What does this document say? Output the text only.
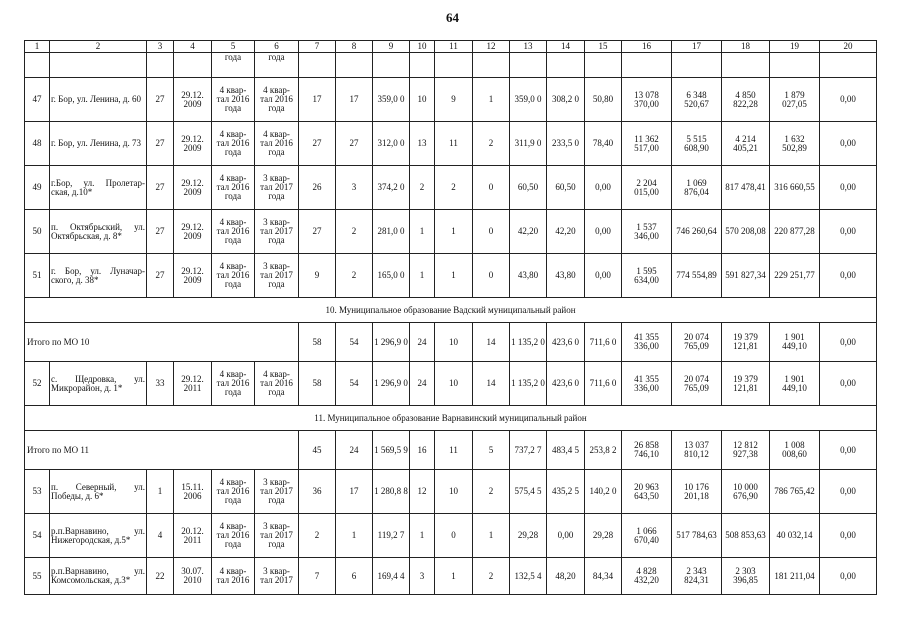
64
1	2	3	4	5	6	7	8	9	10	11	12	13	14	15	16	17	18	19	20
				года	года														
47	г. Бор, ул. Ленина, д. 60	27	29.12. 2009	4 квар- тал 2016 года	4 квар- тал 2016 года	17	17	359,0 0	10	9	1	359,0 0	308,2 0	50,80	13 078 370,00	6 348 520,67	4 850 822,28	1 879 027,05	0,00
48	г. Бор, ул. Ленина, д. 73	27	29.12. 2009	4 квар- тал 2016 года	4 квар- тал 2016 года	27	27	312,0 0	13	11	2	311,9 0	233,5 0	78,40	11 362 517,00	5 515 608,90	4 214 405,21	1 632 502,89	0,00
49	г.Бор, ул. Пролетар- ская, д.10*	27	29.12. 2009	4 квар- тал 2016 года	3 квар- тал 2017 года	26	3	374,2 0	2	2	0	60,50	60,50	0,00	2 204 015,00	1 069 876,04	817 478,41	316 660,55	0,00
50	п. Октябрьский, ул. Октябрьская, д. 8*	27	29.12. 2009	4 квар- тал 2016 года	3 квар- тал 2017 года	27	2	281,0 0	1	1	0	42,20	42,20	0,00	1 537 346,00	746 260,64	570 208,08	220 877,28	0,00
51	г. Бор, ул. Луначар- ского, д. 38*	27	29.12. 2009	4 квар- тал 2016 года	3 квар- тал 2017 года	9	2	165,0 0	1	1	0	43,80	43,80	0,00	1 595 634,00	774 554,89	591 827,34	229 251,77	0,00
10. Муниципальное образование Вадский муниципальный район																			
Итого по МО 10						58	54	1 296,9 0	24	10	14	1 135,2 0	423,6 0	711,6 0	41 355 336,00	20 074 765,09	19 379 121,81	1 901 449,10	0,00
52	с. Щедровка, ул. Микрорайон, д. 1*	33	29.12. 2011	4 квар- тал 2016 года	4 квар- тал 2016 года	58	54	1 296,9 0	24	10	14	1 135,2 0	423,6 0	711,6 0	41 355 336,00	20 074 765,09	19 379 121,81	1 901 449,10	0,00
11. Муниципальное образование Варнавинский муниципальный район																			
Итого по МО 11						45	24	1 569,5 9	16	11	5	737,2 7	483,4 5	253,8 2	26 858 746,10	13 037 810,12	12 812 927,38	1 008 008,60	0,00
53	п. Северный, ул. Победы, д. 6*	1	15.11. 2006	4 квар- тал 2016 года	3 квар- тал 2017 года	36	17	1 280,8 8	12	10	2	575,4 5	435,2 5	140,2 0	20 963 643,50	10 176 201,18	10 000 676,90	786 765,42	0,00
54	р.п.Варнавино, ул. Нижегородская, д.5*	4	20.12. 2011	4 квар- тал 2016 года	3 квар- тал 2017 года	2	1	119,2 7	1	0	1	29,28	0,00	29,28	1 066 670,40	517 784,63	508 853,63	40 032,14	0,00
55	р.п.Варнавино, ул. Комсомольская, д.3*	22	30.07. 2010	4 квар- тал 2016	3 квар- тал 2017	7	6	169,4 4	3	1	2	132,5 4	48,20	84,34	4 828 432,20	2 343 824,31	2 303 396,85	181 211,04	0,00
